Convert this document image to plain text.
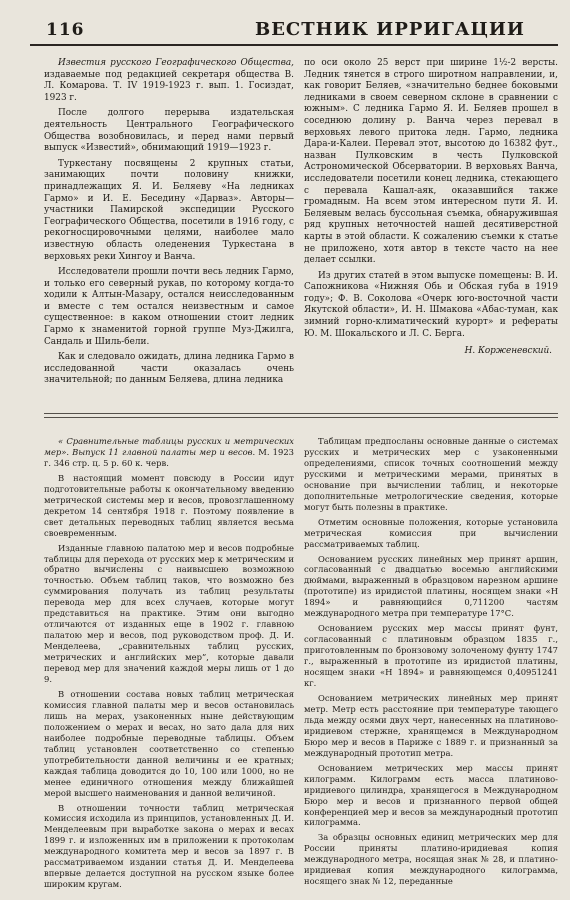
116	ВЕСТНИК ИРРИГАЦИИ

Известия русского Географического Общества, издаваемые под редакцией секретаря общества В. Л. Комарова. Т. IV 1919-1923 г. вып. 1. Госиздат, 1923 г.

После долгого перерыва издательская деятельность Центрального Географического Общества возобновилась, и перед нами первый выпуск «Известий», обнимающий 1919—1923 г.

Туркестану посвящены 2 крупных статьи, занимающих почти половину книжки, принадлежащих Я. И. Беляеву «На ледниках Гармо» и И. Е. Беседину «Дарваз». Авторы—участники Памирской экспедиции Русского Географического Общества, посетили в 1916 году, с рекогносцировочными целями, наиболее мало известную область оледенения Туркестана в верховьях реки Хингоу и Ванча.

Исследователи прошли почти весь ледник Гармо, и только его северный рукав, по которому когда-то ходили к Алтын-Мазару, остался неисследованным и вместе с тем остался неизвестным и самое существенное: в каком отношении стоит ледник Гармо к знаменитой горной группе Муз-Джилга, Сандаль и Шиль-бели.

Как и следовало ожидать, длина ледника Гармо в исследованной части оказалась очень значительной; по данным Беляева, длина ледника

по оси около 25 верст при ширине 1½-2 версты. Ледник тянется в строго широтном направлении, и, как говорит Беляев, «значительно беднее боковыми ледниками в своем северном склоне в сравнении с южным». С ледника Гармо Я. И. Беляев прошел в соседнюю долину р. Ванча через перевал в верховьях левого притока ледн. Гармо, ледника Дара-и-Калеи. Перевал этот, высотою до 16382 фут., назван Пулковским в честь Пулковской Астрономической Обсерватории. В верховьях Ванча, исследователи посетили конец ледника, стекающего с перевала Кашал-аяк, оказавшийся также громадным. На всем этом интересном пути Я. И. Беляевым велась буссольная съемка, обнаружившая ряд крупных неточностей нашей десятиверстной карты в этой области. К сожалению съемки к статье не приложено, хотя автор в тексте часто на нее делает ссылки.

Из других статей в этом выпуске помещены: В. И. Сапожникова «Нижняя Обь и Обская губа в 1919 году»; Ф. В. Соколова «Очерк юго-восточной части Якутской области», И. Н. Шмакова «Абас-туман, как зимний горно-климатический курорт» и рефераты Ю. М. Шокальского и Л. С. Берга.

Н. Корженевский.

« Сравнительные таблицы русских и метрических мер». Выпуск 11 главной палаты мер и весов. М. 1923 г. 346 стр. ц. 5 р. 60 к. черв.

В настоящий момент повсюду в России идут подготовительные работы к окончательному введению метрической системы мер и весов, провозглашенному декретом 14 сентября 1918 г. Поэтому появление в свет детальных переводных таблиц является весьма своевременным.

Изданные главною палатою мер и весов подробные таблицы для перехода от русских мер к метрическим и обратно вычислены с наивысшею возможною точностью. Объем таблиц таков, что возможно без суммирования получать из таблиц результаты перевода мер для всех случаев, которые могут представиться на практике. Этим они выгодно отличаются от изданных еще в 1902 г. главною палатою мер и весов, под руководством проф. Д. И. Менделеева, „сравнительных таблиц русских, метрических и английских мер”, которые давали перевод мер для значений каждой меры лишь от 1 до 9.

В отношении состава новых таблиц метрическая комиссия главной палаты мер и весов остановилась лишь на мерах, узаконенных ныне действующим положением о мерах и весах, но зато дала для них наиболее подробные переводные таблицы. Объем таблиц установлен соответственно со степенью употребительности данной величины и ее кратных; каждая таблица доводится до 10, 100 или 1000, но не менее единичного отношения между ближайшей мерой высшего наименования и данной величиной.

В отношении точности таблиц метрическая комиссия исходила из принципов, установленных Д. И. Менделеевым при выработке закона о мерах и весах 1899 г. и изложенных им в приложении к протоколам международного комитета мер и весов за 1897 г. В рассматриваемом издании статья Д. И. Менделеева впервые делается доступной на русском языке более широким кругам.

Таблицам предпосланы основные данные о системах русских и метрических мер с узаконенными определениями, список точных соотношений между русскими и метрическими мерами, принятых в основание при вычислении таблиц, и некоторые дополнительные метрологические сведения, которые могут быть полезны в практике.

Отметим основные положения, которые установила метрическая комиссия при вычислении рассматриваемых таблиц.

Основанием русских линейных мер принят аршин, согласованный с двадцатью восемью английскими дюймами, выраженный в образцовом нарезном аршине (прототипе) из иридистой платины, носящем знаки «Н 1894» и равняющийся 0,711200 частям международного метра при температуре 17°С.

Основанием русских мер массы принят фунт, согласованный с платиновым образцом 1835 г., приготовленным по бронзовому золоченому фунту 1747 г., выраженный в прототипе из иридистой платины, носящем знаки «Н 1894» и равняющемся 0,40951241 кг.

Основанием метрических линейных мер принят метр. Метр есть расстояние при температуре тающего льда между осями двух черт, нанесенных на платиново-иридиевом стержне, хранящемся в Международном Бюро мер и весов в Париже с 1889 г. и признанный за международный прототип метра.

Основанием метрических мер массы принят килограмм. Килограмм есть масса платиново-иридиевого цилиндра, хранящегося в Международном Бюро мер и весов и признанного первой общей конференцией мер и весов за международный прототип килограмма.

За образцы основных единиц метрических мер для России приняты платино-иридиевая копия международного метра, носящая знак № 28, и платино-иридиевая копия международного килограмма, носящего знак № 12, переданные
